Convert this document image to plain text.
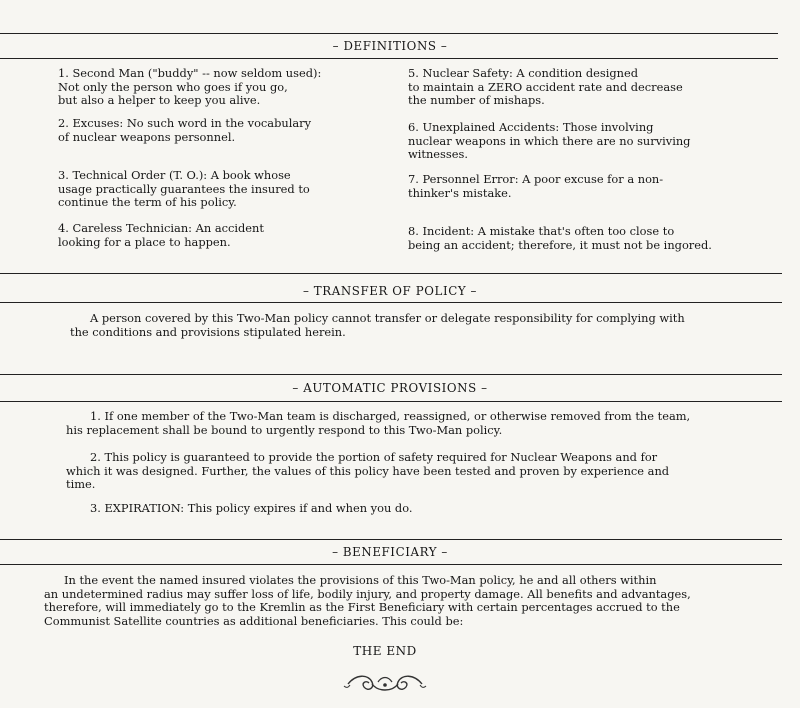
– DEFINITIONS –
1. Second Man ("buddy" -- now seldom used):
Not only the person who goes if you go,
but also a helper to keep you alive.
2. Excuses: No such word in the vocabulary
of nuclear weapons personnel.
3. Technical Order (T. O.): A book whose
usage practically guarantees the insured to
continue the term of his policy.
4. Careless Technician: An accident
looking for a place to happen.
5. Nuclear Safety: A condition designed
to maintain a ZERO accident rate and decrease
the number of mishaps.
6. Unexplained Accidents: Those involving
nuclear weapons in which there are no surviving
witnesses.
7. Personnel Error: A poor excuse for a non-
thinker's mistake.
8. Incident: A mistake that's often too close to
being an accident; therefore, it must not be ingored.
– TRANSFER OF POLICY –
A person covered by this Two-Man policy cannot transfer or delegate responsibility for complying with
the conditions and provisions stipulated herein.
– AUTOMATIC PROVISIONS –
1. If one member of the Two-Man team is discharged, reassigned, or otherwise removed from the team,
his replacement shall be bound to urgently respond to this Two-Man policy.
2. This policy is guaranteed to provide the portion of safety required for Nuclear Weapons and for
which it was designed. Further, the values of this policy have been tested and proven by experience and
time.
3. EXPIRATION: This policy expires if and when you do.
– BENEFICIARY –
In the event the named insured violates the provisions of this Two-Man policy, he and all others within
an undetermined radius may suffer loss of life, bodily injury, and property damage. All benefits and advantages,
therefore, will immediately go to the Kremlin as the First Beneficiary with certain percentages accrued to the
Communist Satellite countries as additional beneficiaries. This could be:
THE END
